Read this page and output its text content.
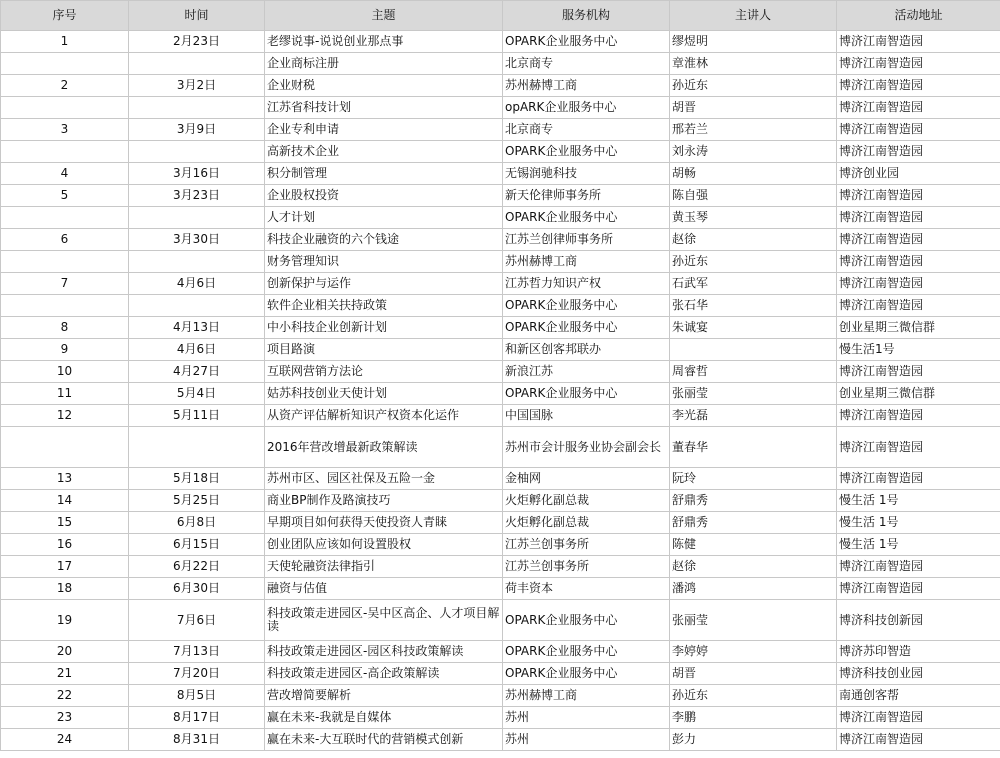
序号	时间	主题	服务机构	主讲人	活动地址
1	2月23日	老缪说事-说说创业那点事	OPARK企业服务中心	缪煜明	博济江南智造园
		企业商标注册	北京商专	章淮林	博济江南智造园
2	3月2日	企业财税	苏州赫博工商	孙近东	博济江南智造园
		江苏省科技计划	opARK企业服务中心	胡晋	博济江南智造园
3	3月9日	企业专利申请	北京商专	邢若兰	博济江南智造园
		高新技术企业	OPARK企业服务中心	刘永涛	博济江南智造园
4	3月16日	积分制管理	无锡润驰科技	胡畅	博济创业园
5	3月23日	企业股权投资	新天伦律师事务所	陈自强	博济江南智造园
		人才计划	OPARK企业服务中心	黄玉琴	博济江南智造园
6	3月30日	科技企业融资的六个钱途	江苏兰创律师事务所	赵徐	博济江南智造园
		财务管理知识	苏州赫博工商	孙近东	博济江南智造园
7	4月6日	创新保护与运作	江苏哲力知识产权	石武军	博济江南智造园
		软件企业相关扶持政策	OPARK企业服务中心	张石华	博济江南智造园
8	4月13日	中小科技企业创新计划	OPARK企业服务中心	朱诚宴	创业星期三微信群
9	4月6日	项目路演	和新区创客邦联办		慢生活1号
10	4月27日	互联网营销方法论	新浪江苏	周睿哲	博济江南智造园
11	5月4日	姑苏科技创业天使计划	OPARK企业服务中心	张丽莹	创业星期三微信群
12	5月11日	从资产评估解析知识产权资本化运作	中国国脉	李光磊	博济江南智造园
		2016年营改增最新政策解读	苏州市会计服务业协会副会长	董春华	博济江南智造园
13	5月18日	苏州市区、园区社保及五险一金	金柚网	阮玲	博济江南智造园
14	5月25日	商业BP制作及路演技巧	火炬孵化副总裁	舒鼎秀	慢生活 1号
15	6月8日	早期项目如何获得天使投资人青睐	火炬孵化副总裁	舒鼎秀	慢生活 1号
16	6月15日	创业团队应该如何设置股权	江苏兰创事务所	陈健	慢生活 1号
17	6月22日	天使轮融资法律指引	江苏兰创事务所	赵徐	博济江南智造园
18	6月30日	融资与估值	荷丰资本	潘鸿	博济江南智造园
19	7月6日	科技政策走进园区-吴中区高企、人才项目解读	OPARK企业服务中心	张丽莹	博济科技创新园
20	7月13日	科技政策走进园区-园区科技政策解读	OPARK企业服务中心	李婷婷	博济苏印智造
21	7月20日	科技政策走进园区-高企政策解读	OPARK企业服务中心	胡晋	博济科技创业园
22	8月5日	营改增简要解析	苏州赫博工商	孙近东	南通创客帮
23	8月17日	赢在未来-我就是自媒体	苏州	李鹏	博济江南智造园
24	8月31日	赢在未来-大互联时代的营销模式创新	苏州	彭力	博济江南智造园
